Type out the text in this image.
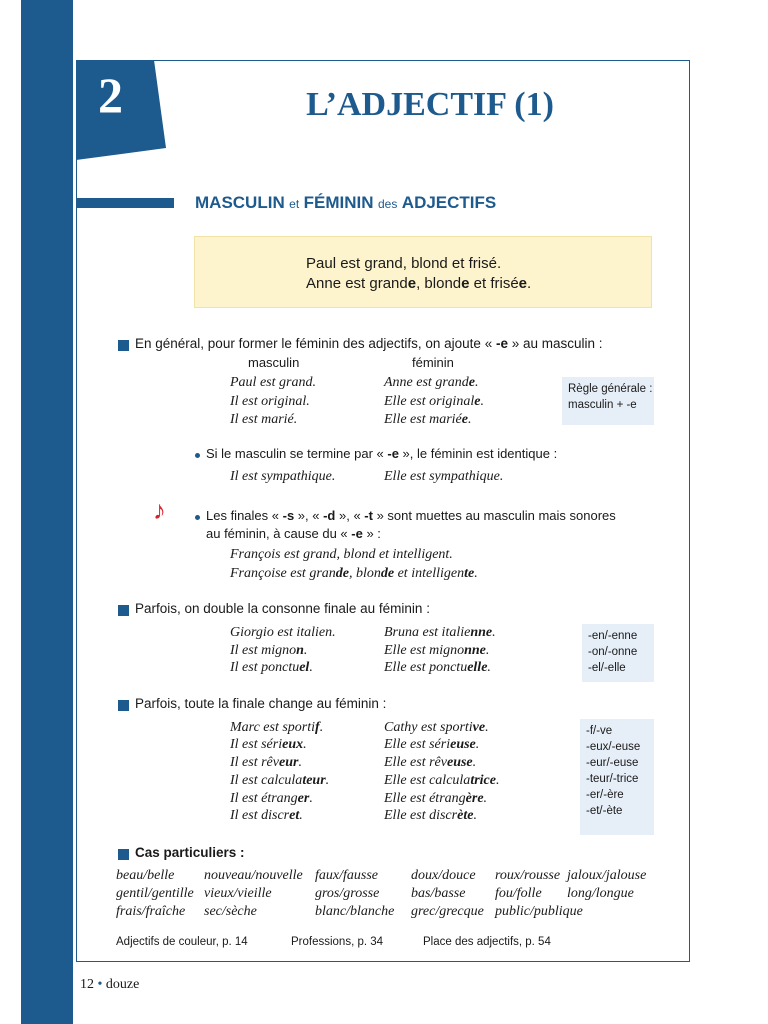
2	L’ADJECTIF (1)
MASCULIN et FÉMININ des ADJECTIFS

Paul est grand, blond et frisé.

Anne est grande, blonde et frisée.

En général, pour former le féminin des adjectifs, on ajoute « -e » au masculin :
masculin	féminin
Paul est grand.	Anne est grande.
Il est original.	Elle est originale.
Il est marié.	Elle est mariée.
Règle générale :
masculin + -e
Si le masculin se termine par « -e », le féminin est identique :
Il est sympathique.	Elle est sympathique.
♪	Les finales « -s », « -d », « -t » sont muettes au masculin mais sonores
au féminin, à cause du « -e » :
François est grand, blond et intelligent.
Françoise est grande, blonde et intelligente.
Parfois, on double la consonne finale au féminin :
Giorgio est italien.	Bruna est italienne.
Il est mignon.	Elle est mignonne.
Il est ponctuel.	Elle est ponctuelle.
-en/-enne
-on/-onne
-el/-elle
Parfois, toute la finale change au féminin :
Marc est sportif.	Cathy est sportive.
Il est sérieux.	Elle est sérieuse.
Il est rêveur.	Elle est rêveuse.
Il est calculateur.	Elle est calculatrice.
Il est étranger.	Elle est étrangère.
Il est discret.	Elle est discrète.
-f/-ve
-eux/-euse
-eur/-euse
-teur/-trice
-er/-ère
-et/-ète
Cas particuliers :
beau/belle nouveau/nouvelle faux/fausse doux/douce roux/rousse jaloux/jalouse
gentil/gentille vieux/vieille	gros/grosse bas/basse fou/folle long/longue
frais/fraîche sec/sèche	blanc/blanche grec/grecque public/publique
Adjectifs de couleur, p. 14	Professions, p. 34	Place des adjectifs, p. 54
12 • douze
